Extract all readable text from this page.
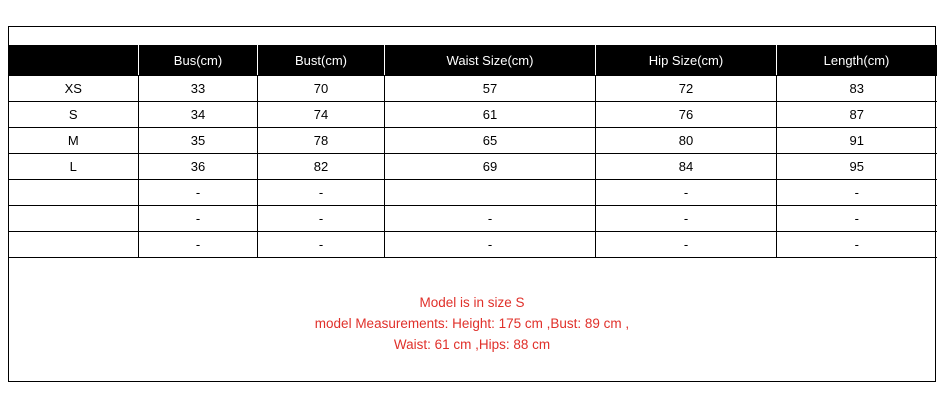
	Bus(cm)	Bust(cm)	Waist Size(cm)	Hip Size(cm)	Length(cm)
XS	33	70	57	72	83
S	34	74	61	76	87
M	35	78	65	80	91
L	36	82	69	84	95
	-	-		-	-
	-	-	-	-	-
	-	-	-	-	-
Model is in size S
model Measurements: Height: 175 cm ,Bust: 89 cm ,
Waist: 61 cm ,Hips: 88 cm
